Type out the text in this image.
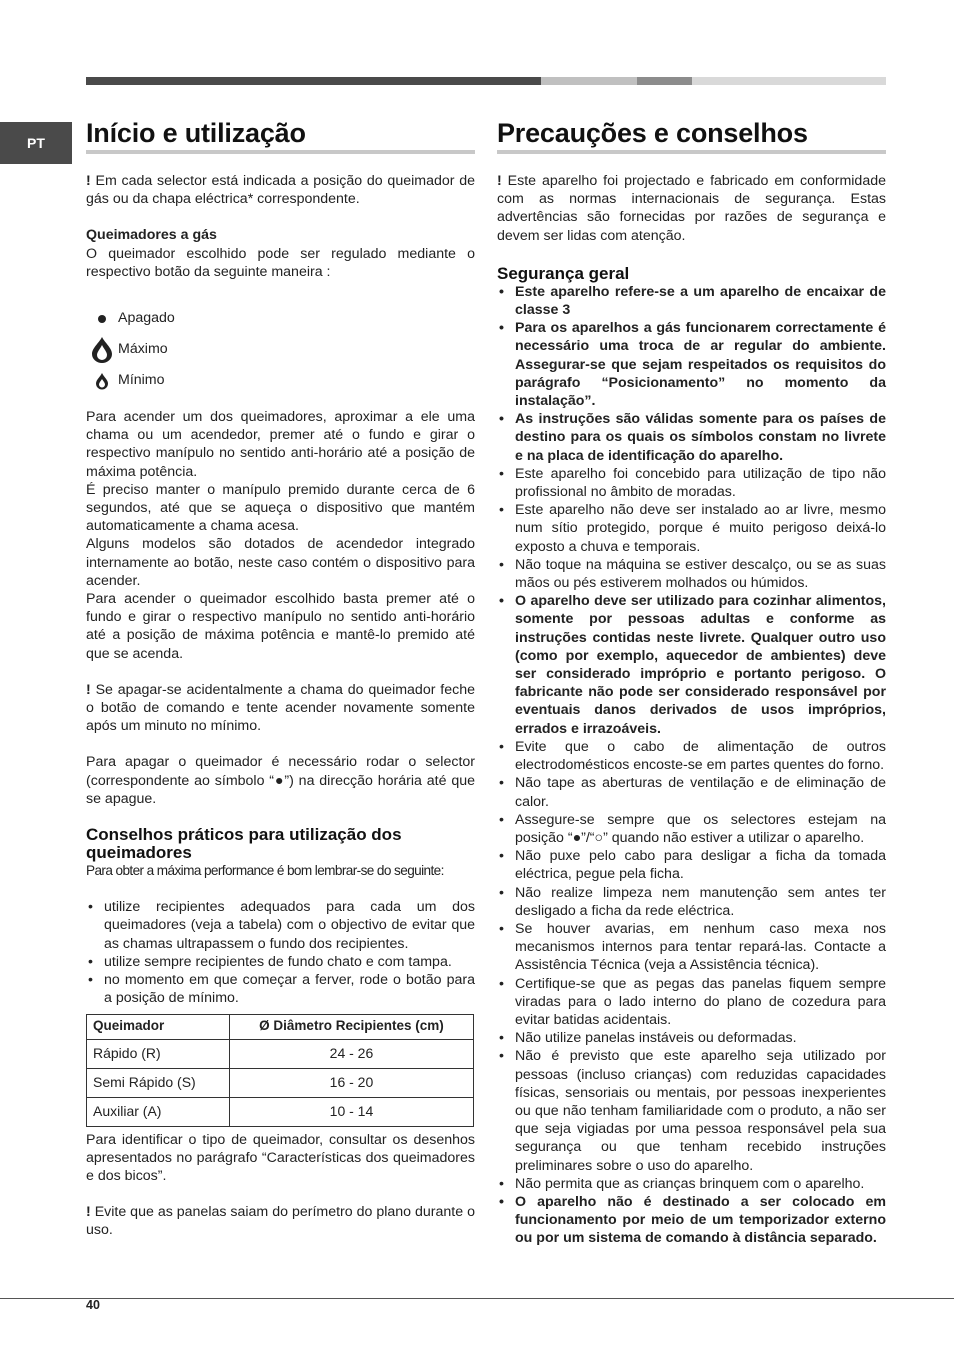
PT	Início e utilização

! Em cada selector está indicada a posição do queimador de gás ou da chapa eléctrica* correspondente.

Queimadores a gás

O queimador escolhido pode ser regulado mediante o respectivo botão da seguinte maneira :

Apagado
Máximo
Mínimo

Para acender um dos queimadores, aproximar a ele uma chama ou um acendedor, premer até o fundo e girar o respectivo manípulo no sentido anti-horário até a posição de máxima potência.

É preciso manter o manípulo premido durante cerca de 6 segundos, até que se aqueça o dispositivo que mantém automaticamente a chama acesa.

Alguns modelos são dotados de acendedor integrado internamente ao botão, neste caso contém o dispositivo para acender.

Para acender o queimador escolhido basta premer até o fundo e girar o respectivo manípulo no sentido anti-horário até a posição de máxima potência e mantê-lo premido até que se acenda.

! Se apagar-se acidentalmente a chama do queimador feche o botão de comando e tente acender novamente somente após um minuto no mínimo.

Para apagar o queimador é necessário rodar o selector (correspondente ao símbolo “●”) na direcção horária até que se apague.

Conselhos práticos para utilização dos queimadores

Para obter a máxima performance é bom lembrar-se do seguinte:

• utilize recipientes adequados para cada um dos queimadores (veja a tabela) com o objectivo de evitar que as chamas ultrapassem o fundo dos recipientes.
• utilize sempre recipientes de fundo chato e com tampa.
• no momento em que começar a ferver, rode o botão para a posição de mínimo.
Queimador	Ø Diâmetro Recipientes (cm)
Rápido (R)	24 - 26
Semi Rápido (S)	16 - 20
Auxiliar (A)	10 - 14

Para identificar o tipo de queimador, consultar os desenhos apresentados no parágrafo “Características dos queimadores e dos bicos”.

! Evite que as panelas saiam do perímetro do plano durante o uso.

Precauções e conselhos

! Este aparelho foi projectado e fabricado em conformidade com as normas internacionais de segurança. Estas advertências são fornecidas por razões de segurança e devem ser lidas com atenção.

Segurança geral
• Este aparelho refere-se a um aparelho de encaixar de classe 3
• Para os aparelhos a gás funcionarem correctamente é necessário uma troca de ar regular do ambiente. Assegurar-se que sejam respeitados os requisitos do parágrafo “Posicionamento” no momento da instalação”.
• As instruções são válidas somente para os países de destino para os quais os símbolos constam no livrete e na placa de identificação do aparelho.
• Este aparelho foi concebido para utilização de tipo não profissional no âmbito de moradas.
• Este aparelho não deve ser instalado ao ar livre, mesmo num sítio protegido, porque é muito perigoso deixá-lo exposto a chuva e temporais.
• Não toque na máquina se estiver descalço, ou se as suas mãos ou pés estiverem molhados ou húmidos.
• O aparelho deve ser utilizado para cozinhar alimentos, somente por pessoas adultas e conforme as instruções contidas neste livrete. Qualquer outro uso (como por exemplo, aquecedor de ambientes) deve ser considerado impróprio e portanto perigoso. O fabricante não pode ser considerado responsável por eventuais danos derivados de usos impróprios, errados e irrazoáveis.
• Evite que o cabo de alimentação de outros electrodomésticos encoste-se em partes quentes do forno.
• Não tape as aberturas de ventilação e de eliminação de calor.
• Assegure-se sempre que os selectores estejam na posição “●”/“○” quando não estiver a utilizar o aparelho.
• Não puxe pelo cabo para desligar a ficha da tomada eléctrica, pegue pela ficha.
• Não realize limpeza nem manutenção sem antes ter desligado a ficha da rede eléctrica.
• Se houver avarias, em nenhum caso mexa nos mecanismos internos para tentar repará-las. Contacte a Assistência Técnica (veja a Assistência técnica).
• Certifique-se que as pegas das panelas fiquem sempre viradas para o lado interno do plano de cozedura para evitar batidas acidentais.
• Não utilize panelas instáveis ou deformadas.
• Não é previsto que este aparelho seja utilizado por pessoas (incluso crianças) com reduzidas capacidades físicas, sensoriais ou mentais, por pessoas inexperientes ou que não tenham familiaridade com o produto, a não ser que seja vigiadas por uma pessoa responsável pela sua segurança ou que tenham recebido instruções preliminares sobre o uso do aparelho.
• Não permita que as crianças brinquem com o aparelho.
• O aparelho não é destinado a ser colocado em funcionamento por meio de um temporizador externo ou por um sistema de comando à distância separado.
40
